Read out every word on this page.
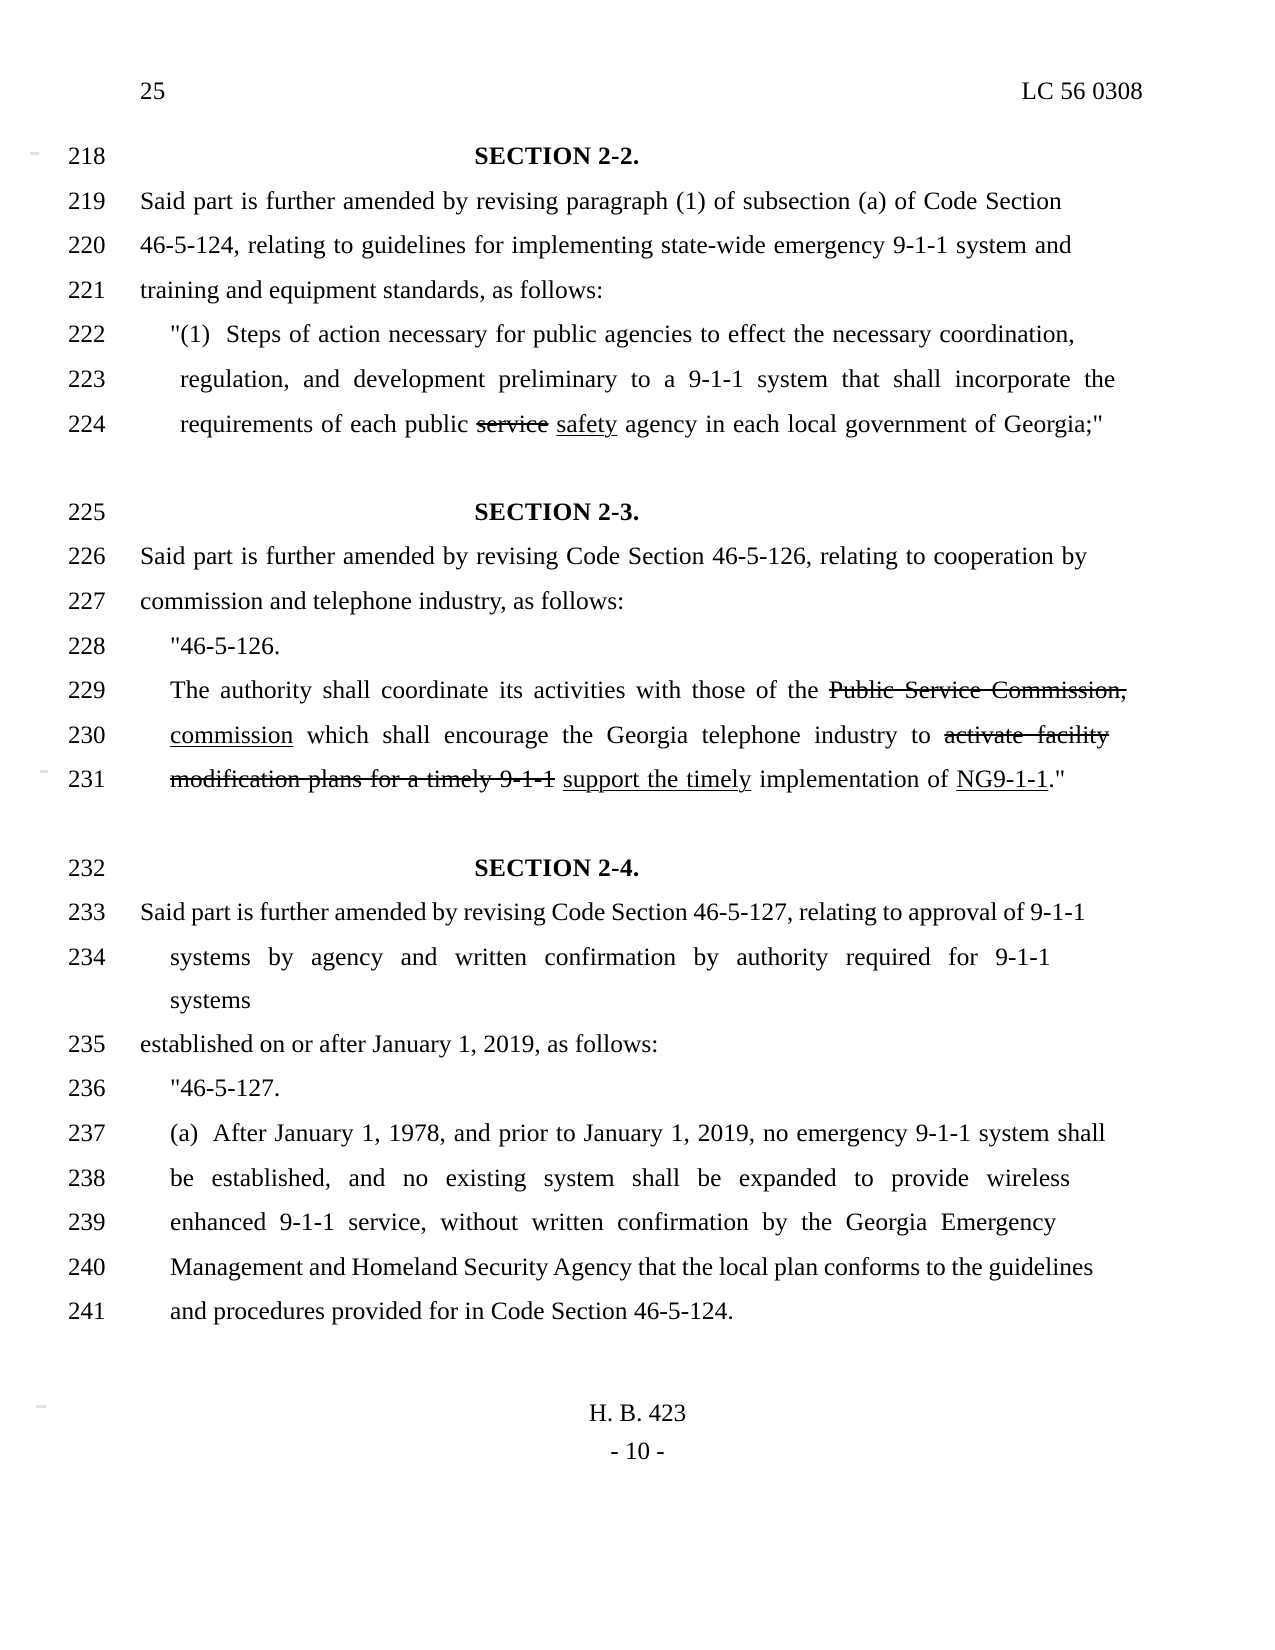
25	LC 56 0308
218	SECTION 2-2.
219	Said part is further amended by revising paragraph (1) of subsection (a) of Code Section
220	46-5-124, relating to guidelines for implementing state-wide emergency 9-1-1 system and
221	training and equipment standards, as follows:
222	"(1)  Steps of action necessary for public agencies to effect the necessary coordination,
223	regulation, and development preliminary to a 9-1-1 system that shall incorporate the
224	requirements of each public service safety agency in each local government of Georgia;"
225	SECTION 2-3.
226	Said part is further amended by revising Code Section 46-5-126, relating to cooperation by
227	commission and telephone industry, as follows:
228	"46-5-126.
229	The authority shall coordinate its activities with those of the Public Service Commission,
230	commission which shall encourage the Georgia telephone industry to activate facility
231	modification plans for a timely 9-1-1 support the timely implementation of NG9-1-1."
232	SECTION 2-4.
233	Said part is further amended by revising Code Section 46-5-127, relating to approval of 9-1-1
234	systems by agency and written confirmation by authority required for 9-1-1 systems
235	established on or after January 1, 2019, as follows:
236	"46-5-127.
237	(a)  After January 1, 1978, and prior to January 1, 2019, no emergency 9-1-1 system shall
238	be established, and no existing system shall be expanded to provide wireless
239	enhanced 9-1-1 service, without written confirmation by the Georgia Emergency
240	Management and Homeland Security Agency that the local plan conforms to the guidelines
241	and procedures provided for in Code Section 46-5-124.
H. B. 423
- 10 -
